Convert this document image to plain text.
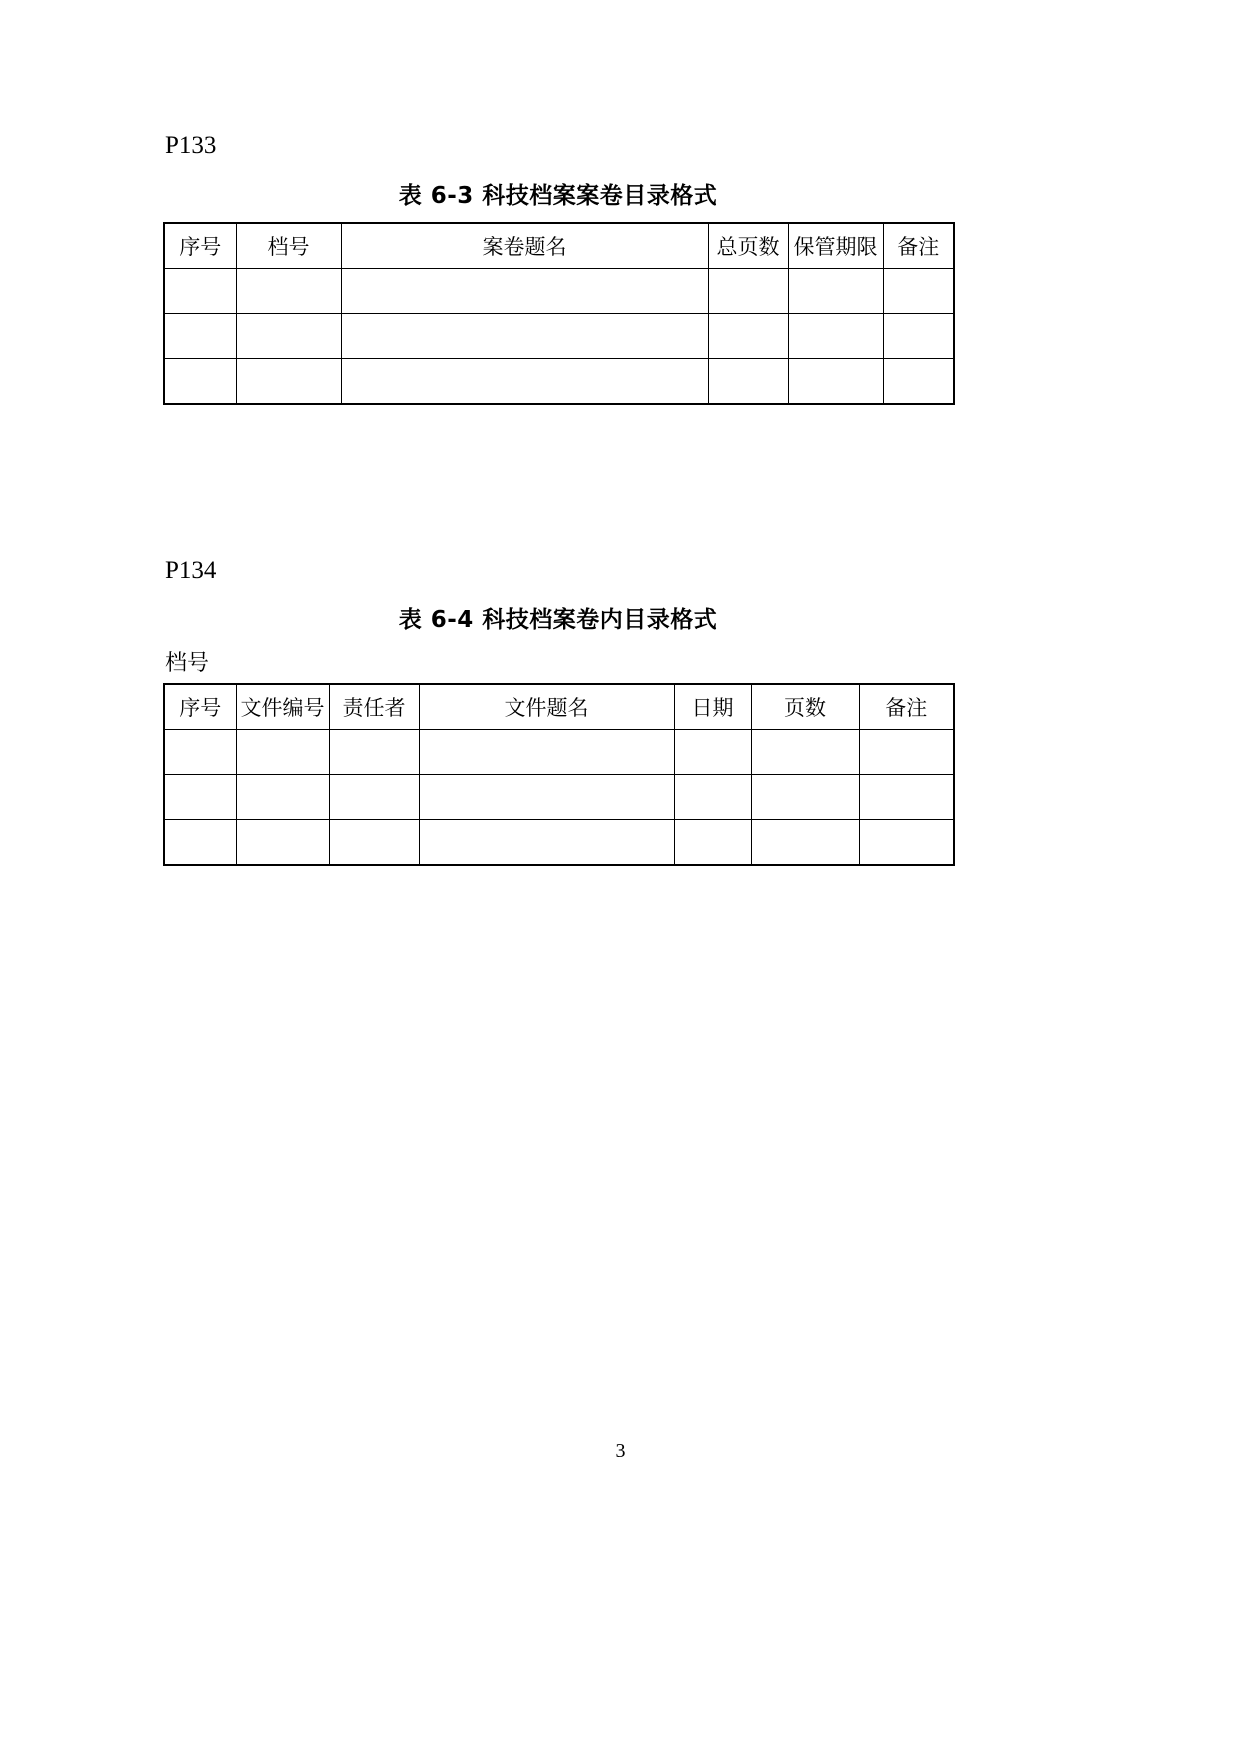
P133
表 6-3 科技档案案卷目录格式
序号	档号	案卷题名	总页数	保管期限	备注

P134
表 6-4 科技档案卷内目录格式
档号
序号	文件编号	责任者	文件题名	日期	页数	备注

3
